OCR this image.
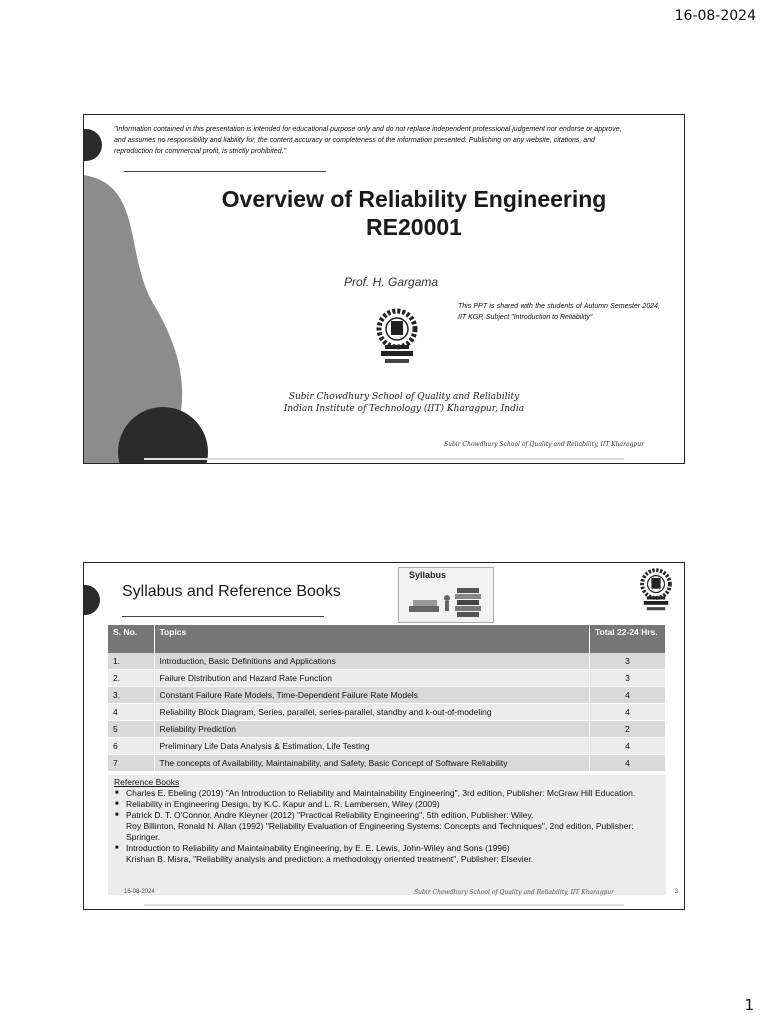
16-08-2024
"Information contained in this presentation is intended for educational purpose only and do not replace independent professional judgement nor endorse or approve, and assumes no responsibility and liability for, the content accuracy or completeness of the information presented. Publishing on any website, citations, and reproduction for commercial profit, is strictly prohibited."
Overview of Reliability Engineering
RE20001
Prof. H. Gargama
This PPT is shared with the students of Autumn Semester 2024, IIT KGP, Subject "Introduction to Reliability"
Subir Chowdhury School of Quality and Reliability
Indian Institute of Technology (IIT) Kharagpur, India
Subir Chowdhury School of Quality and Reliability, IIT Kharagpur
Syllabus and Reference Books
Syllabus
S. No.	Topics	Total 22-24 Hrs.
1.	Introduction, Basic Definitions and Applications	3
2.	Failure Distribution and Hazard Rate Function	3
3.	Constant Failure Rate Models, Time-Dependent Failure Rate Models	4
4	Reliability Block Diagram, Series, parallel, series-parallel, standby and k-out-of-modeling	4
5	Reliability Prediction	2
6	Preliminary Life Data Analysis & Estimation, Life Testing	4
7	The concepts of Availability, Maintainability, and Safety, Basic Concept of Software Reliability	4
Reference Books
■ Charles E. Ebeling (2019) "An Introduction to Reliability and Maintainability Engineering", 3rd edition, Publisher: McGraw Hill Education.
■ Reliability in Engineering Design, by K.C. Kapur and L. R. Lambersen, Wiley (2009)
■ Patrick D. T. O'Connor, Andre Kleyner (2012) "Practical Reliability Engineering", 5th edition, Publisher: Wiley.
Roy Billinton, Ronald N. Allan (1992) "Reliability Evaluation of Engineering Systems: Concepts and Techniques", 2nd edition, Publisher: Springer.
■ Introduction to Reliability and Maintainability Engineering, by E. E. Lewis, John-Wiley and Sons (1996)
Krishan B. Misra, "Reliability analysis and prediction: a methodology oriented treatment", Publisher: Elsevier.
16-08-2024	Subir Chowdhury School of Quality and Reliability, IIT Kharagpur	3
1
